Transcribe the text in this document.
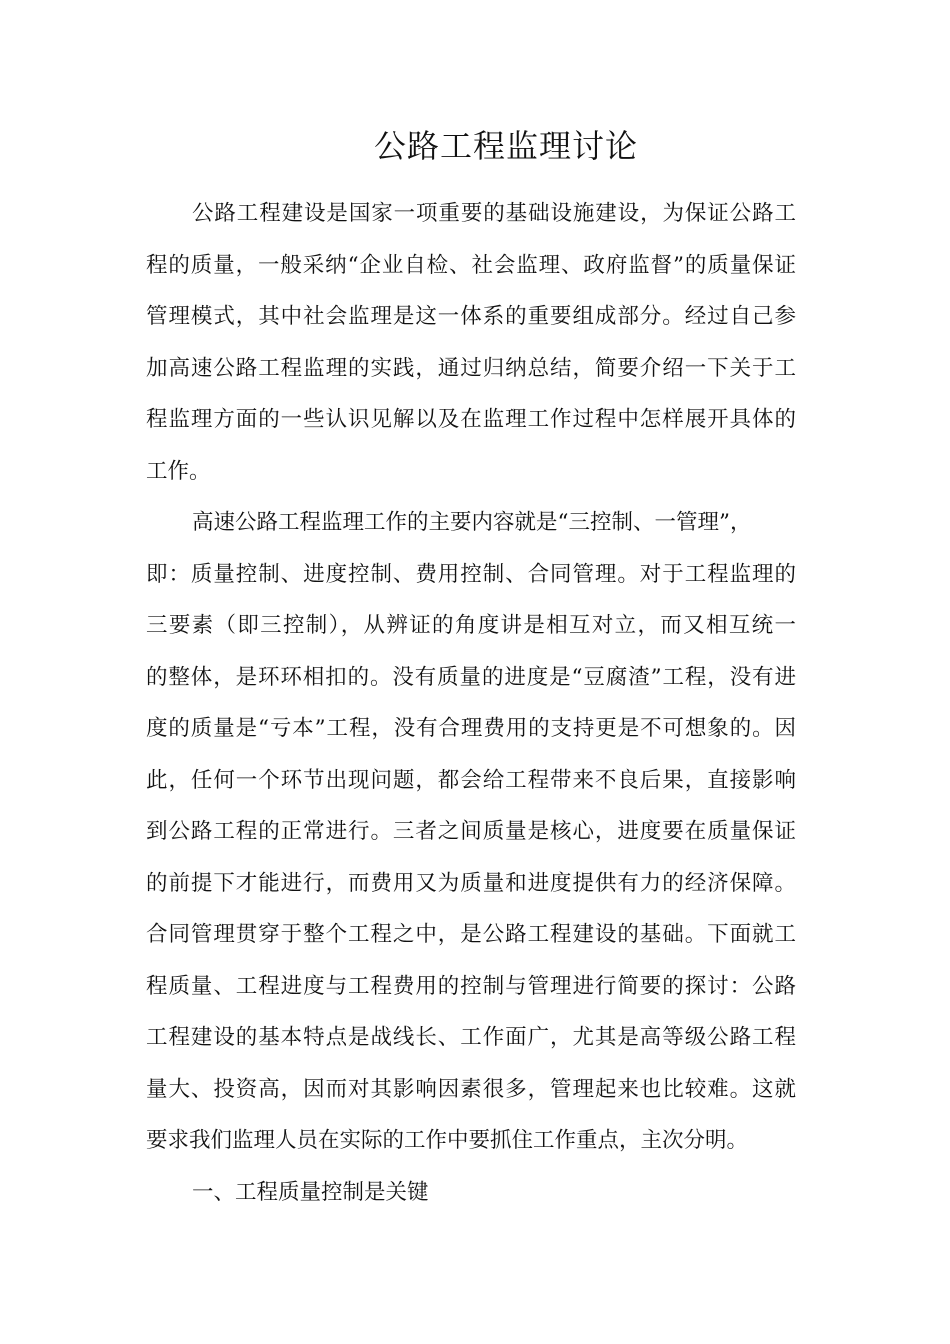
公路工程监理讨论
公路工程建设是国家一项重要的基础设施建设，为保证公路工
程的质量，一般采纳“企业自检、社会监理、政府监督”的质量保证
管理模式，其中社会监理是这一体系的重要组成部分。经过自己参
加高速公路工程监理的实践，通过归纳总结，简要介绍一下关于工
程监理方面的一些认识见解以及在监理工作过程中怎样展开具体的
工作。
高速公路工程监理工作的主要内容就是“三控制、一管理”，
即：质量控制、进度控制、费用控制、合同管理。对于工程监理的
三要素（即三控制），从辨证的角度讲是相互对立，而又相互统一
的整体，是环环相扣的。没有质量的进度是“豆腐渣”工程，没有进
度的质量是“亏本”工程，没有合理费用的支持更是不可想象的。因
此，任何一个环节出现问题，都会给工程带来不良后果，直接影响
到公路工程的正常进行。三者之间质量是核心，进度要在质量保证
的前提下才能进行，而费用又为质量和进度提供有力的经济保障。
合同管理贯穿于整个工程之中，是公路工程建设的基础。下面就工
程质量、工程进度与工程费用的控制与管理进行简要的探讨：公路
工程建设的基本特点是战线长、工作面广，尤其是高等级公路工程
量大、投资高，因而对其影响因素很多，管理起来也比较难。这就
要求我们监理人员在实际的工作中要抓住工作重点，主次分明。
一、工程质量控制是关键
